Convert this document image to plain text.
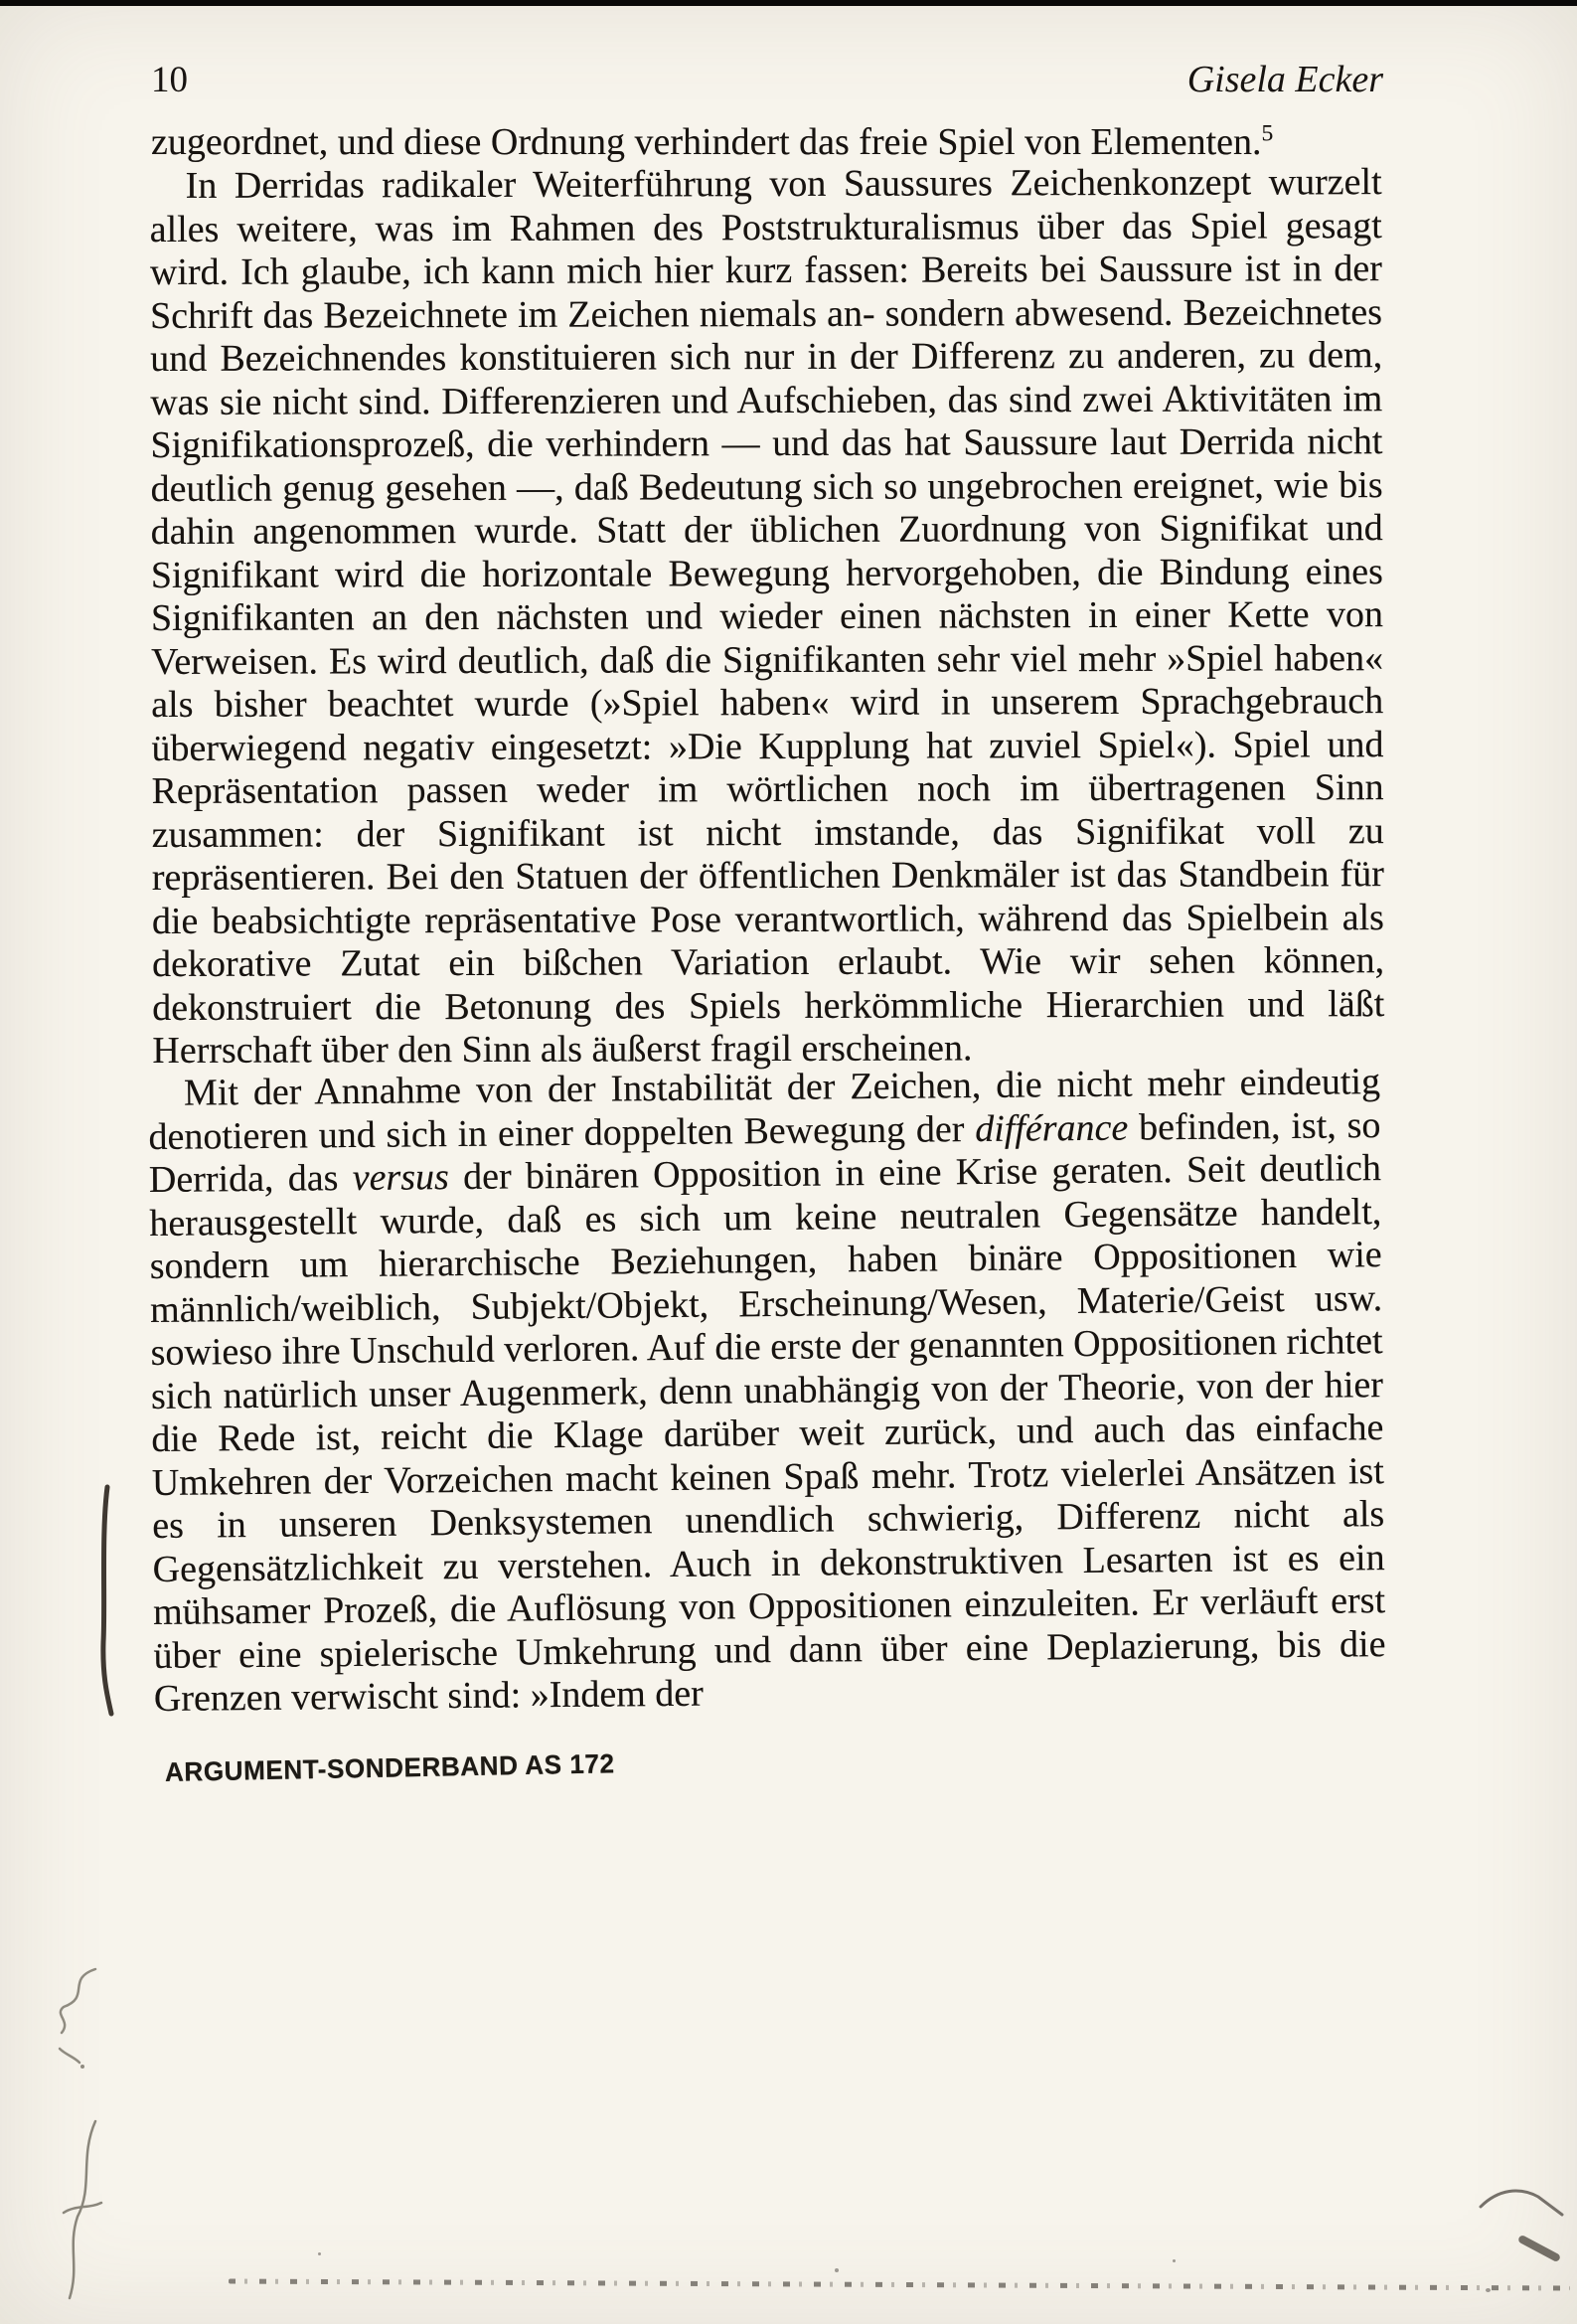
10	Gisela Ecker

zugeordnet, und diese Ordnung verhindert das freie Spiel von Elementen.$^5$

In Derridas radikaler Weiterführung von Saussures Zeichenkonzept wurzelt alles weitere, was im Rahmen des Poststrukturalismus über das Spiel gesagt wird. Ich glaube, ich kann mich hier kurz fassen: Bereits bei Saussure ist in der Schrift das Bezeichnete im Zeichen niemals an- sondern abwesend. Bezeichnetes und Bezeichnendes konstituieren sich nur in der Differenz zu anderen, zu dem, was sie nicht sind. Differenzieren und Aufschieben, das sind zwei Aktivitäten im Signifikationsprozeß, die verhindern — und das hat Saussure laut Derrida nicht deutlich genug gesehen —, daß Bedeutung sich so ungebrochen ereignet, wie bis dahin angenommen wurde. Statt der üblichen Zuordnung von Signifikat und Signifikant wird die horizontale Bewegung hervorgehoben, die Bindung eines Signifikanten an den nächsten und wieder einen nächsten in einer Kette von Verweisen. Es wird deutlich, daß die Signifikanten sehr viel mehr »Spiel haben« als bisher beachtet wurde (»Spiel haben« wird in unserem Sprachgebrauch überwiegend negativ eingesetzt: »Die Kupplung hat zuviel Spiel«). Spiel und Repräsentation passen weder im wörtlichen noch im übertragenen Sinn zusammen: der Signifikant ist nicht imstande, das Signifikat voll zu repräsentieren. Bei den Statuen der öffentlichen Denkmäler ist das Standbein für die beabsichtigte repräsentative Pose verantwortlich, während das Spielbein als dekorative Zutat ein bißchen Variation erlaubt. Wie wir sehen können, dekonstruiert die Betonung des Spiels herkömmliche Hierarchien und läßt Herrschaft über den Sinn als äußerst fragil erscheinen.

Mit der Annahme von der Instabilität der Zeichen, die nicht mehr eindeutig denotieren und sich in einer doppelten Bewegung der différance befinden, ist, so Derrida, das versus der binären Opposition in eine Krise geraten. Seit deutlich herausgestellt wurde, daß es sich um keine neutralen Gegensätze handelt, sondern um hierarchische Beziehungen, haben binäre Oppositionen wie männlich/weiblich, Subjekt/Objekt, Erscheinung/Wesen, Materie/Geist usw. sowieso ihre Unschuld verloren. Auf die erste der genannten Oppositionen richtet sich natürlich unser Augenmerk, denn unabhängig von der Theorie, von der hier die Rede ist, reicht die Klage darüber weit zurück, und auch das einfache Umkehren der Vorzeichen macht keinen Spaß mehr. Trotz vielerlei Ansätzen ist es in unseren Denksystemen unendlich schwierig, Differenz nicht als Gegensätzlichkeit zu verstehen. Auch in dekonstruktiven Lesarten ist es ein mühsamer Prozeß, die Auflösung von Oppositionen einzuleiten. Er verläuft erst über eine spielerische Umkehrung und dann über eine Deplazierung, bis die Grenzen verwischt sind: »Indem der

ARGUMENT-SONDERBAND AS 172
